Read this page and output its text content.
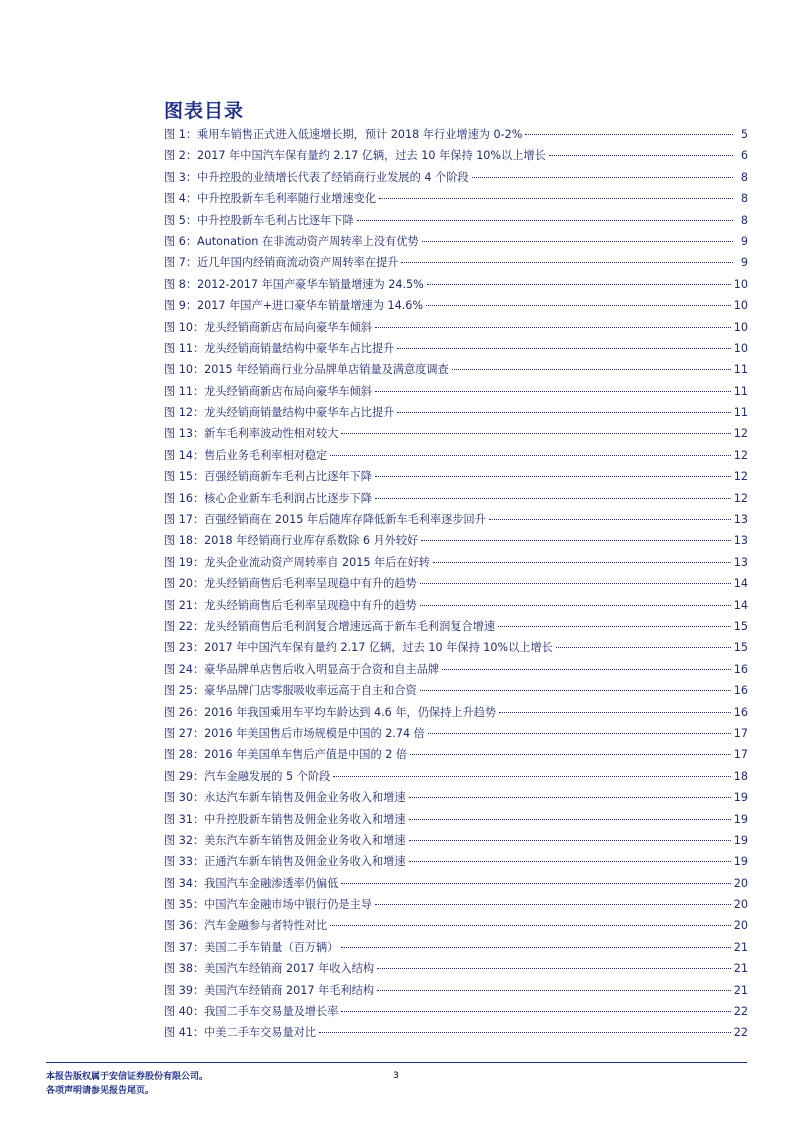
图表目录
图 1：乘用车销售正式进入低速增长期，预计 2018 年行业增速为 0-2%	5
图 2：2017 年中国汽车保有量约 2.17 亿辆，过去 10 年保持 10%以上增长	6
图 3：中升控股的业绩增长代表了经销商行业发展的 4 个阶段	8
图 4：中升控股新车毛利率随行业增速变化	8
图 5：中升控股新车毛利占比逐年下降	8
图 6：Autonation 在非流动资产周转率上没有优势	9
图 7：近几年国内经销商流动资产周转率在提升	9
图 8：2012-2017 年国产豪华车销量增速为 24.5%	10
图 9：2017 年国产+进口豪华车销量增速为 14.6%	10
图 10：龙头经销商新店布局向豪华车倾斜	10
图 11：龙头经销商销量结构中豪华车占比提升	10
图 10：2015 年经销商行业分品牌单店销量及满意度调查	11
图 11：龙头经销商新店布局向豪华车倾斜	11
图 12：龙头经销商销量结构中豪华车占比提升	11
图 13：新车毛利率波动性相对较大	12
图 14：售后业务毛利率相对稳定	12
图 15：百强经销商新车毛利占比逐年下降	12
图 16：核心企业新车毛利润占比逐步下降	12
图 17：百强经销商在 2015 年后随库存降低新车毛利率逐步回升	13
图 18：2018 年经销商行业库存系数除 6 月外较好	13
图 19：龙头企业流动资产周转率自 2015 年后在好转	13
图 20：龙头经销商售后毛利率呈现稳中有升的趋势	14
图 21：龙头经销商售后毛利率呈现稳中有升的趋势	14
图 22：龙头经销商售后毛利润复合增速远高于新车毛利润复合增速	15
图 23：2017 年中国汽车保有量约 2.17 亿辆，过去 10 年保持 10%以上增长	15
图 24：豪华品牌单店售后收入明显高于合资和自主品牌	16
图 25：豪华品牌门店零服吸收率远高于自主和合资	16
图 26：2016 年我国乘用车平均车龄达到 4.6 年，仍保持上升趋势	16
图 27：2016 年美国售后市场规模是中国的 2.74 倍	17
图 28：2016 年美国单车售后产值是中国的 2 倍	17
图 29：汽车金融发展的 5 个阶段	18
图 30：永达汽车新车销售及佣金业务收入和增速	19
图 31：中升控股新车销售及佣金业务收入和增速	19
图 32：美东汽车新车销售及佣金业务收入和增速	19
图 33：正通汽车新车销售及佣金业务收入和增速	19
图 34：我国汽车金融渗透率仍偏低	20
图 35：中国汽车金融市场中银行仍是主导	20
图 36：汽车金融参与者特性对比	20
图 37：美国二手车销量（百万辆）	21
图 38：美国汽车经销商 2017 年收入结构	21
图 39：美国汽车经销商 2017 年毛利结构	21
图 40：我国二手车交易量及增长率	22
图 41：中美二手车交易量对比	22
本报告版权属于安信证券股份有限公司。
各项声明请参见报告尾页。
3
